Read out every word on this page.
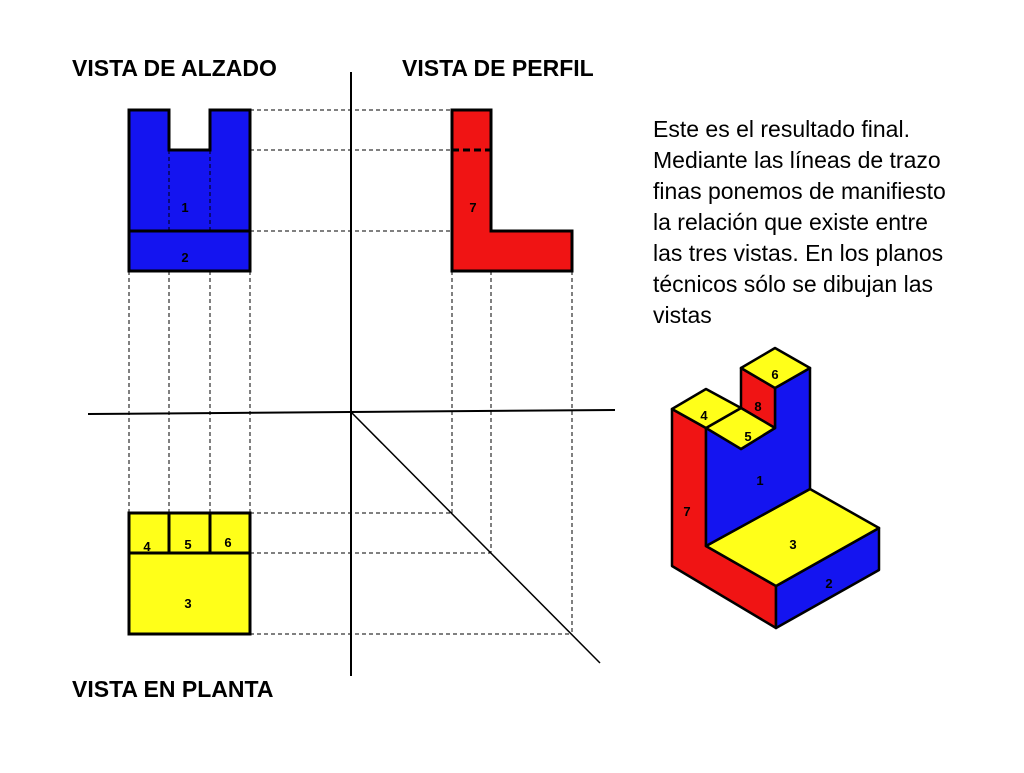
1
2
7
4	5	6
3
6
8
4
5
1
7
3
2
VISTA DE ALZADO	VISTA DE PERFIL
VISTA EN PLANTA
Este es el resultado final.
Mediante las líneas de trazo
finas ponemos de manifiesto
la relación que existe entre
las tres vistas. En los planos
técnicos sólo se dibujan las
vistas
